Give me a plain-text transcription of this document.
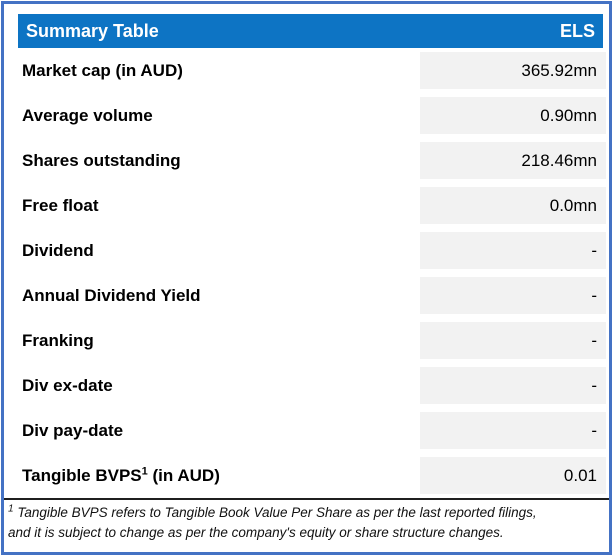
Summary Table	ELS
Market cap (in AUD)	365.92mn
Average volume	0.90mn
Shares outstanding	218.46mn
Free float	0.0mn
Dividend	-
Annual Dividend Yield	-
Franking	-
Div ex-date	-
Div pay-date	-
Tangible BVPS$^1$ (in AUD)	0.01
$^1$ Tangible BVPS refers to Tangible Book Value Per Share as per the last reported filings,
and it is subject to change as per the company's equity or share structure changes.
